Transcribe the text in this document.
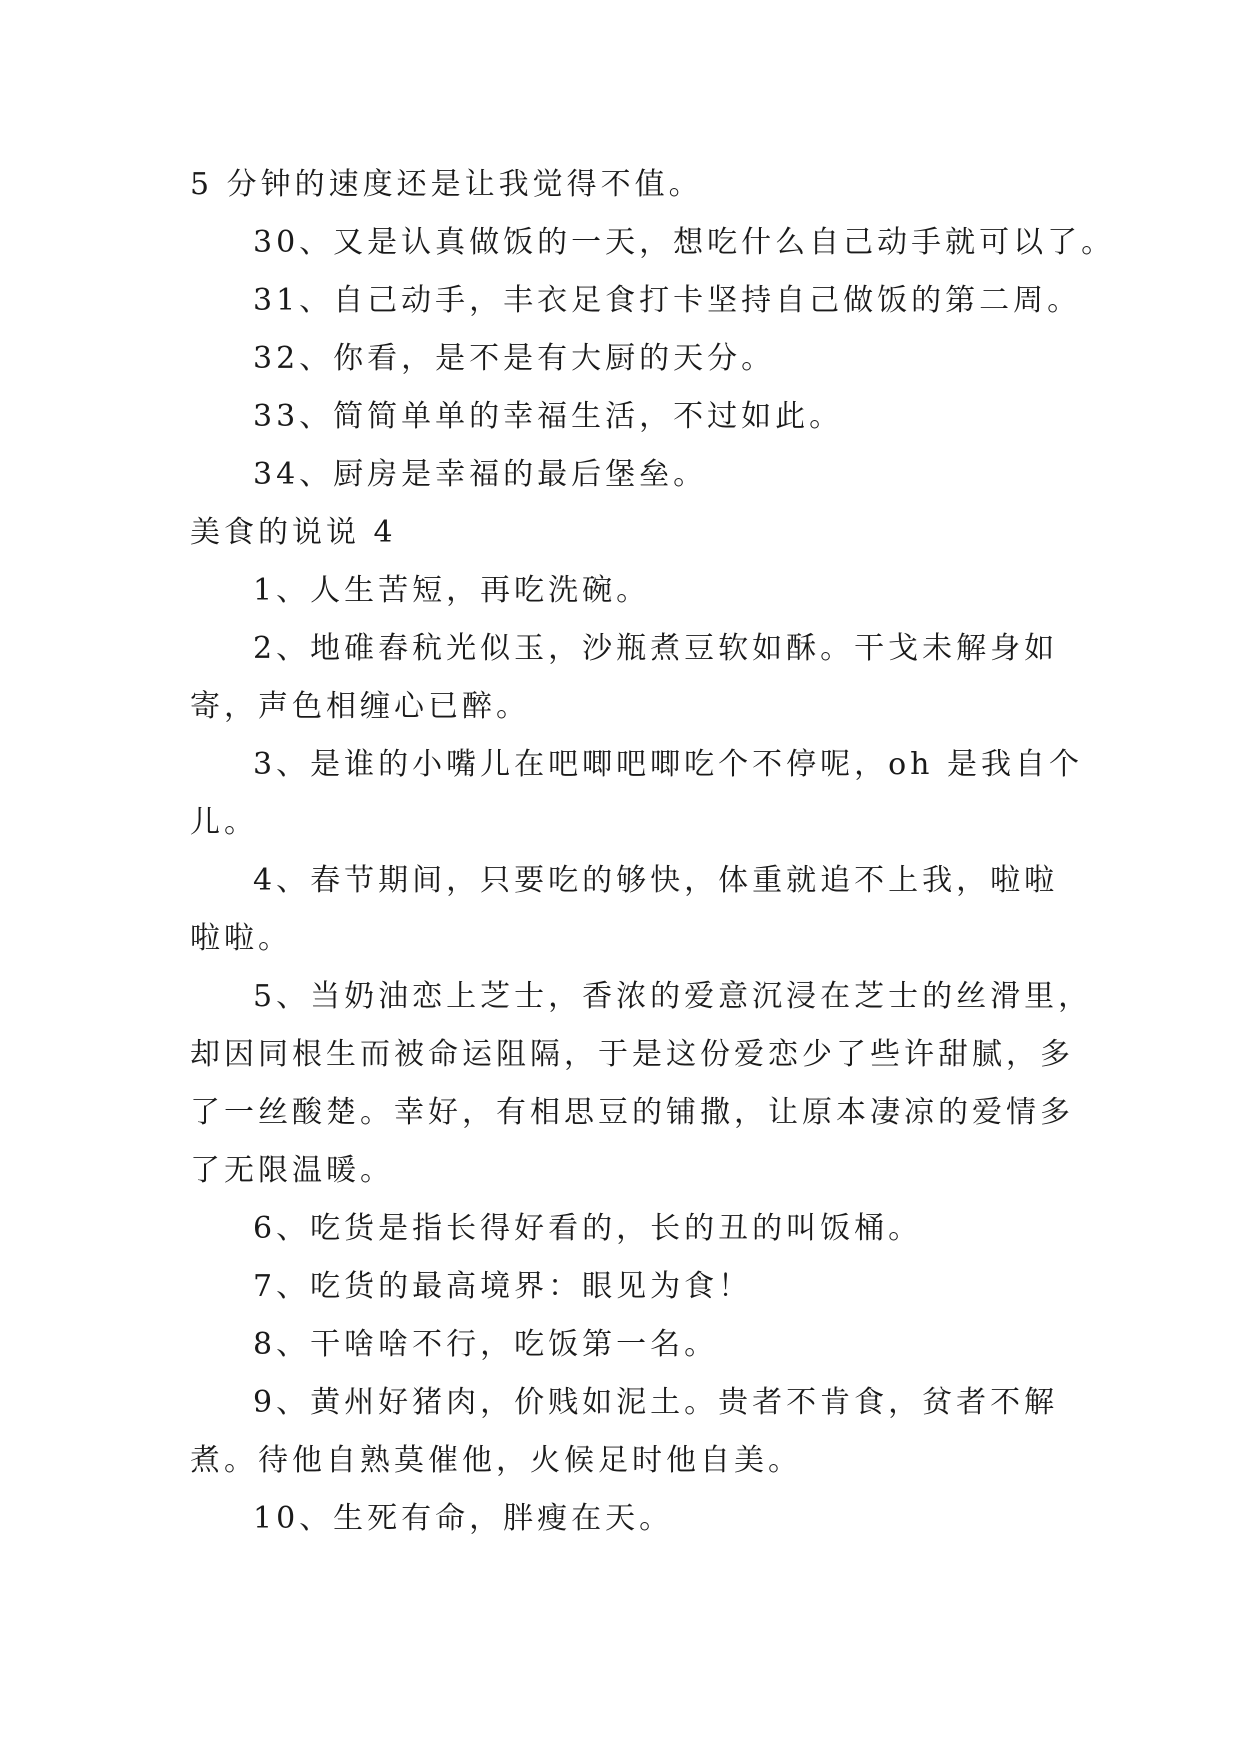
5 分钟的速度还是让我觉得不值。
30、又是认真做饭的一天，想吃什么自己动手就可以了。
31、自己动手，丰衣足食打卡坚持自己做饭的第二周。
32、你看，是不是有大厨的天分。
33、简简单单的幸福生活，不过如此。
34、厨房是幸福的最后堡垒。
美食的说说 4
1、人生苦短，再吃洗碗。
2、地碓舂秔光似玉，沙瓶煮豆软如酥。干戈未解身如
寄，声色相缠心已醉。
3、是谁的小嘴儿在吧唧吧唧吃个不停呢，oh 是我自个
儿。
4、春节期间，只要吃的够快，体重就追不上我，啦啦
啦啦。
5、当奶油恋上芝士，香浓的爱意沉浸在芝士的丝滑里，
却因同根生而被命运阻隔，于是这份爱恋少了些许甜腻，多
了一丝酸楚。幸好，有相思豆的铺撒，让原本凄凉的爱情多
了无限温暖。
6、吃货是指长得好看的，长的丑的叫饭桶。
7、吃货的最高境界：眼见为食！
8、干啥啥不行，吃饭第一名。
9、黄州好猪肉，价贱如泥土。贵者不肯食，贫者不解
煮。待他自熟莫催他，火候足时他自美。
10、生死有命，胖瘦在天。
